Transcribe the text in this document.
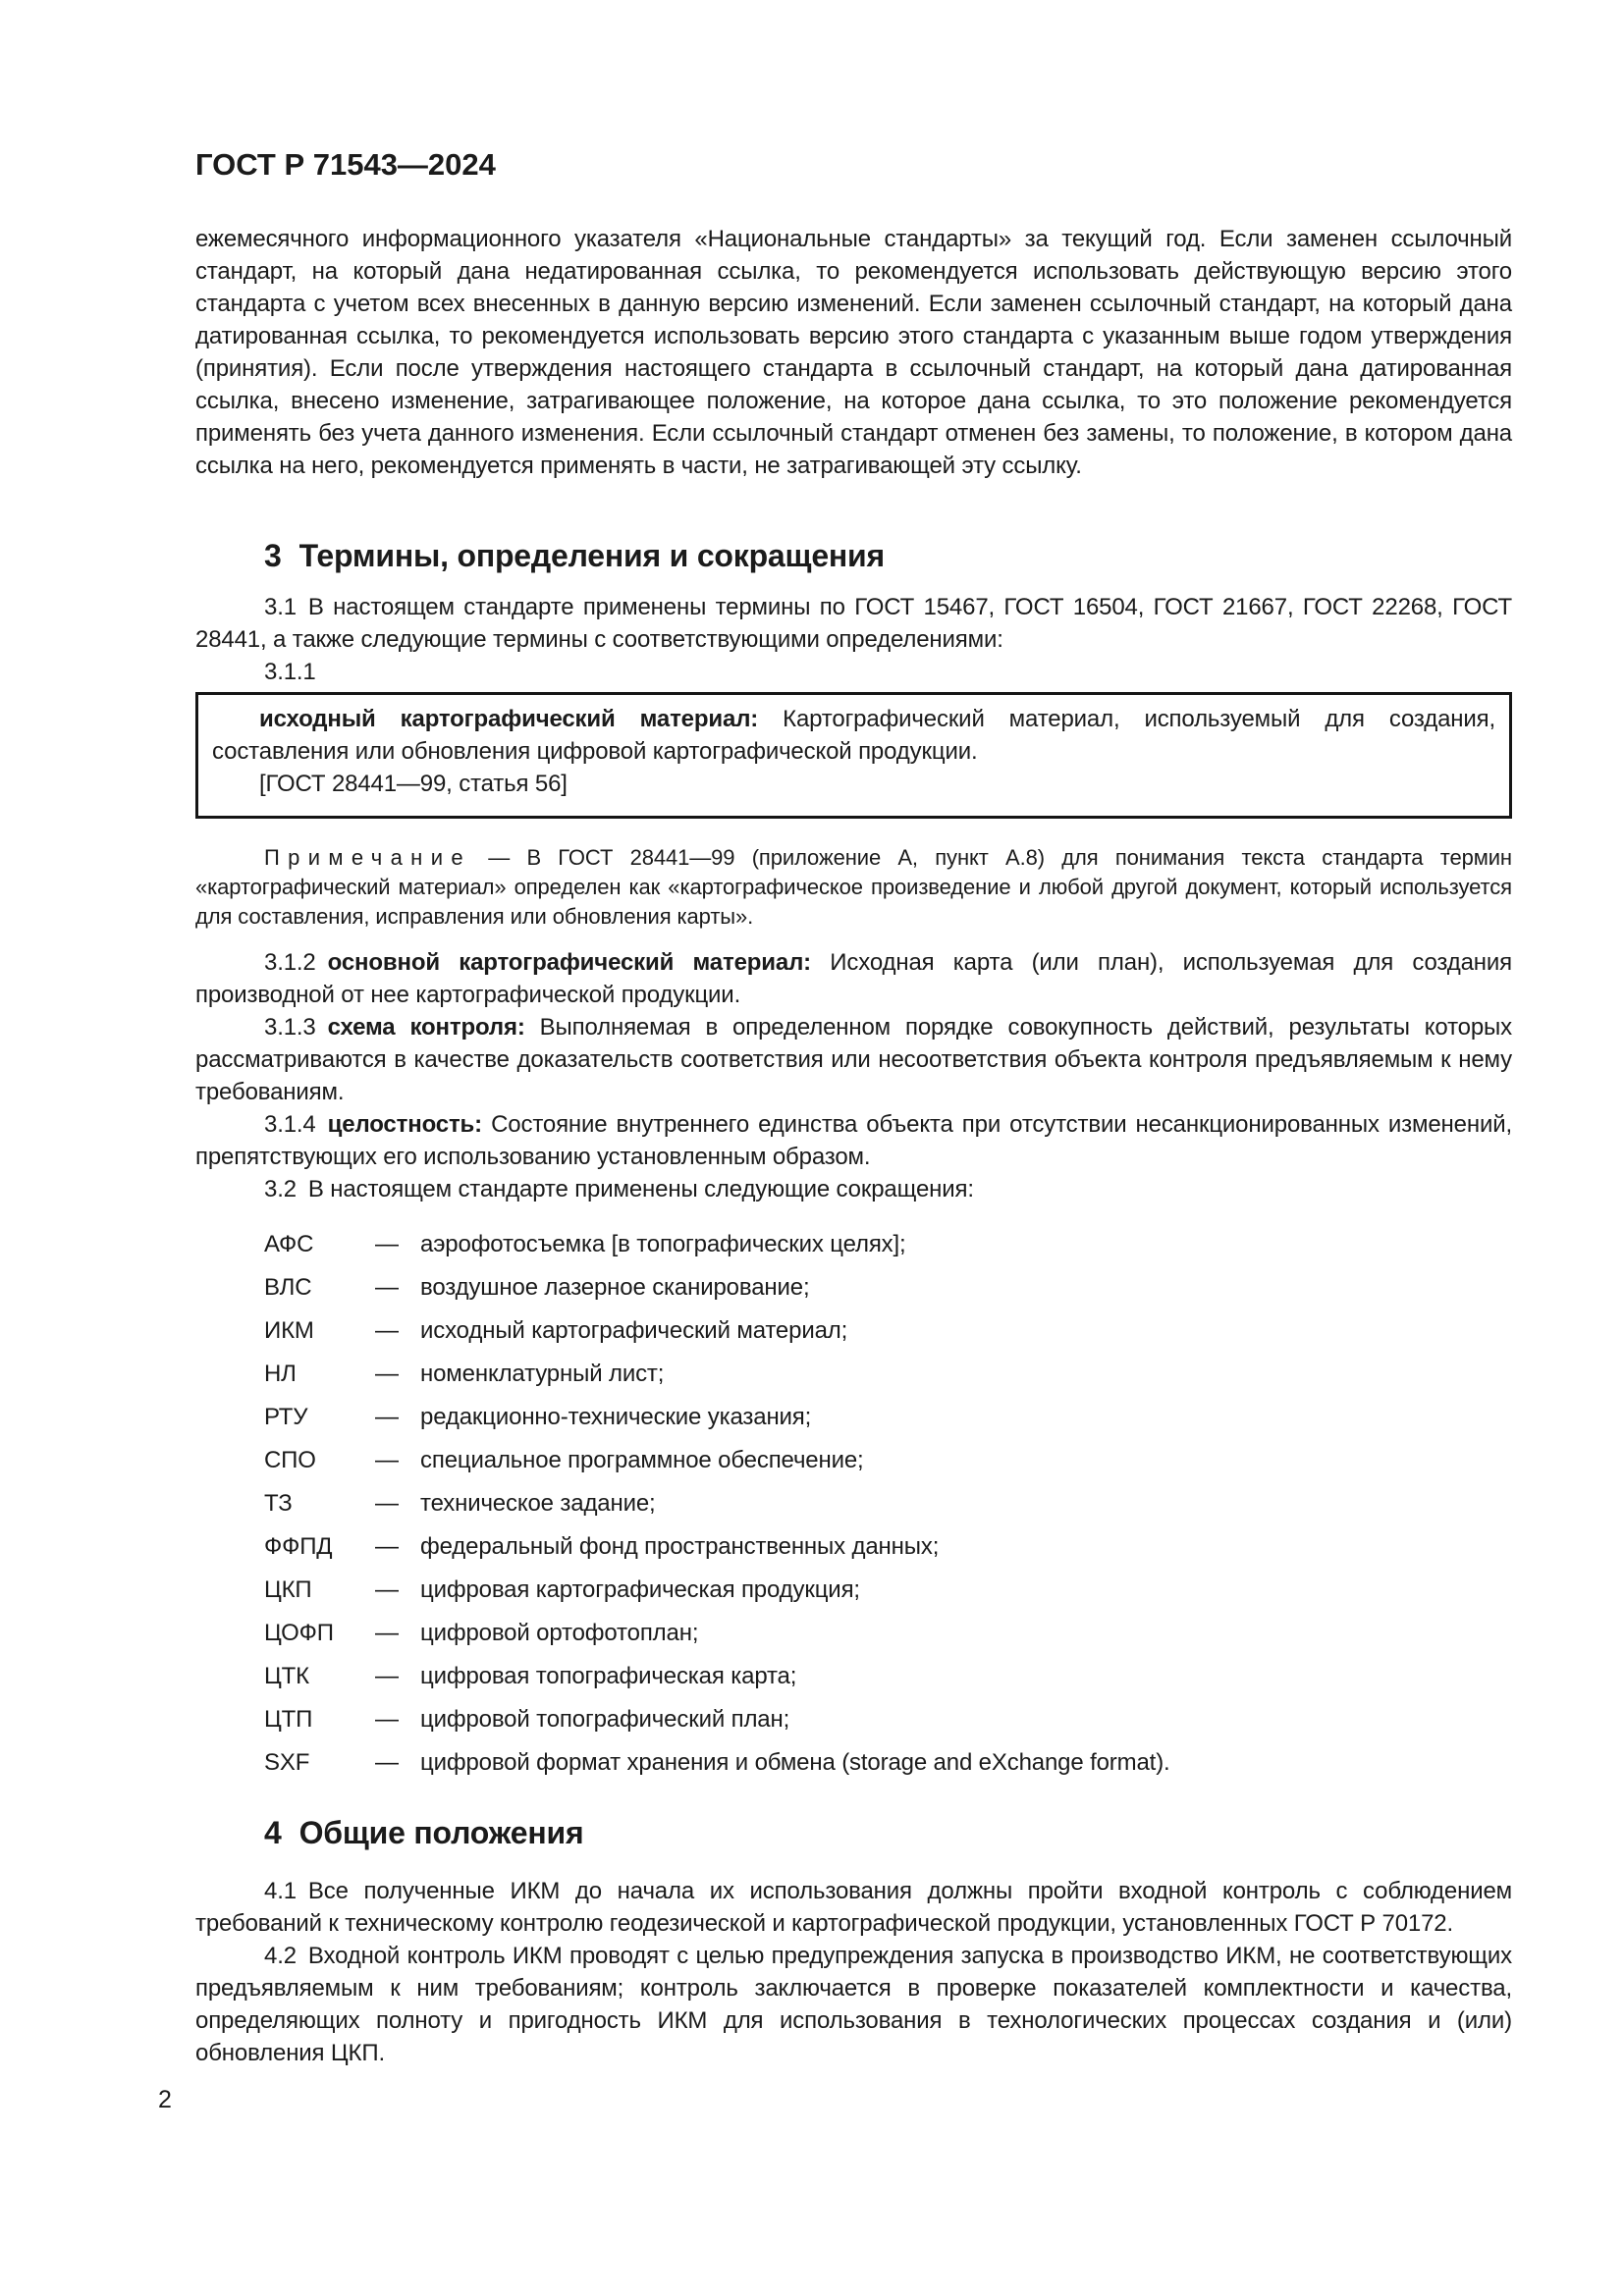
ГОСТ Р 71543—2024

ежемесячного информационного указателя «Национальные стандарты» за текущий год. Если заменен ссылочный стандарт, на который дана недатированная ссылка, то рекомендуется использовать действующую версию этого стандарта с учетом всех внесенных в данную версию изменений. Если заменен ссылочный стандарт, на который дана датированная ссылка, то рекомендуется использовать версию этого стандарта с указанным выше годом утверждения (принятия). Если после утверждения настоящего стандарта в ссылочный стандарт, на который дана датированная ссылка, внесено изменение, затрагивающее положение, на которое дана ссылка, то это положение рекомендуется применять без учета данного изменения. Если ссылочный стандарт отменен без замены, то положение, в котором дана ссылка на него, рекомендуется применять в части, не затрагивающей эту ссылку.

3 Термины, определения и сокращения

3.1 В настоящем стандарте применены термины по ГОСТ 15467, ГОСТ 16504, ГОСТ 21667, ГОСТ 22268, ГОСТ 28441, а также следующие термины с соответствующими определениями:

3.1.1

исходный картографический материал: Картографический материал, используемый для создания, составления или обновления цифровой картографической продукции.

[ГОСТ 28441—99, статья 56]

Примечание — В ГОСТ 28441—99 (приложение А, пункт А.8) для понимания текста стандарта термин «картографический материал» определен как «картографическое произведение и любой другой документ, который используется для составления, исправления или обновления карты».

3.1.2 основной картографический материал: Исходная карта (или план), используемая для создания производной от нее картографической продукции.

3.1.3 схема контроля: Выполняемая в определенном порядке совокупность действий, результаты которых рассматриваются в качестве доказательств соответствия или несоответствия объекта контроля предъявляемым к нему требованиям.

3.1.4 целостность: Состояние внутреннего единства объекта при отсутствии несанкционированных изменений, препятствующих его использованию установленным образом.

3.2 В настоящем стандарте применены следующие сокращения:

АФС	— аэрофотосъемка [в топографических целях];
ВЛС	— воздушное лазерное сканирование;
ИКМ	— исходный картографический материал;
НЛ	— номенклатурный лист;
РТУ	— редакционно-технические указания;
СПО	— специальное программное обеспечение;
ТЗ	— техническое задание;
ФФПД	— федеральный фонд пространственных данных;
ЦКП	— цифровая картографическая продукция;
ЦОФП	— цифровой ортофотоплан;
ЦТК	— цифровая топографическая карта;
ЦТП	— цифровой топографический план;
SXF	— цифровой формат хранения и обмена (storage and eXchange format).
4 Общие положения

4.1 Все полученные ИКМ до начала их использования должны пройти входной контроль с соблюдением требований к техническому контролю геодезической и картографической продукции, установленных ГОСТ Р 70172.

4.2 Входной контроль ИКМ проводят с целью предупреждения запуска в производство ИКМ, не соответствующих предъявляемым к ним требованиям; контроль заключается в проверке показателей комплектности и качества, определяющих полноту и пригодность ИКМ для использования в технологических процессах создания и (или) обновления ЦКП.

2
